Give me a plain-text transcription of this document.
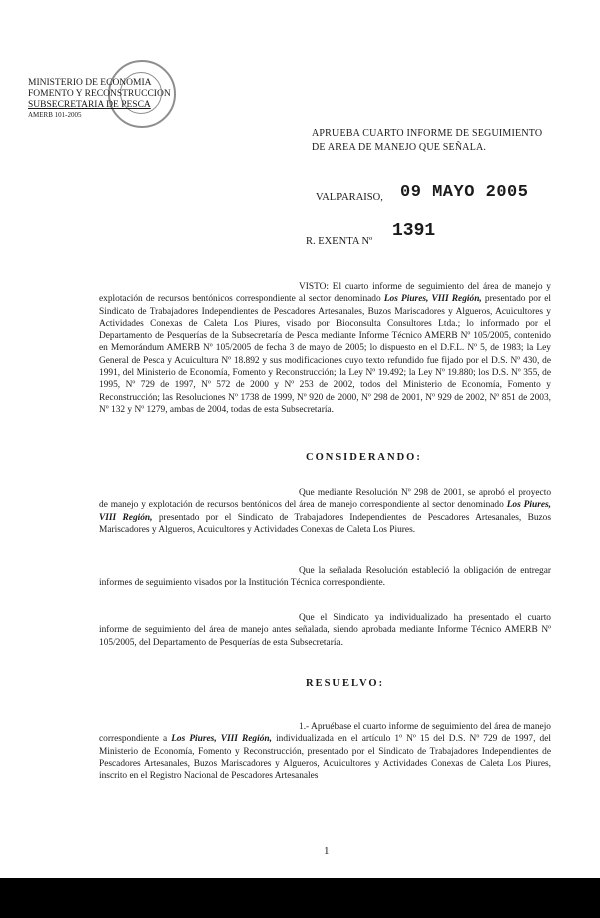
MINISTERIO DE ECONOMIA
FOMENTO Y RECONSTRUCCION
SUBSECRETARIA DE PESCA
AMERB 101-2005
APRUEBA CUARTO INFORME DE SEGUIMIENTO
DE AREA DE MANEJO QUE SEÑALA.
VALPARAISO, 09 MAYO 2005
R. EXENTA Nº
1391
VISTO: El cuarto informe de seguimiento del área de manejo y explotación de recursos bentónicos correspondiente al sector denominado Los Piures, VIII Región, presentado por el Sindicato de Trabajadores Independientes de Pescadores Artesanales, Buzos Mariscadores y Algueros, Acuicultores y Actividades Conexas de Caleta Los Piures, visado por Bioconsulta Consultores Ltda.; lo informado por el Departamento de Pesquerías de la Subsecretaría de Pesca mediante Informe Técnico AMERB Nº 105/2005, contenido en Memorándum AMERB Nº 105/2005 de fecha 3 de mayo de 2005; lo dispuesto en el D.F.L. Nº 5, de 1983; la Ley General de Pesca y Acuicultura Nº 18.892 y sus modificaciones cuyo texto refundido fue fijado por el D.S. Nº 430, de 1991, del Ministerio de Economía, Fomento y Reconstrucción; la Ley Nº 19.492; la Ley Nº 19.880; los D.S. Nº 355, de 1995, Nº 729 de 1997, Nº 572 de 2000 y Nº 253 de 2002, todos del Ministerio de Economía, Fomento y Reconstrucción; las Resoluciones Nº 1738 de 1999, Nº 920 de 2000, Nº 298 de 2001, Nº 929 de 2002, Nº 851 de 2003, Nº 132 y Nº 1279, ambas de 2004, todas de esta Subsecretaría.
CONSIDERANDO:
Que mediante Resolución Nº 298 de 2001, se aprobó el proyecto de manejo y explotación de recursos bentónicos del área de manejo correspondiente al sector denominado Los Piures, VIII Región, presentado por el Sindicato de Trabajadores Independientes de Pescadores Artesanales, Buzos Mariscadores y Algueros, Acuicultores y Actividades Conexas de Caleta Los Piures.
Que la señalada Resolución estableció la obligación de entregar informes de seguimiento visados por la Institución Técnica correspondiente.
Que el Sindicato ya individualizado ha presentado el cuarto informe de seguimiento del área de manejo antes señalada, siendo aprobada mediante Informe Técnico AMERB Nº 105/2005, del Departamento de Pesquerías de esta Subsecretaría.
RESUELVO:
1.- Apruébase el cuarto informe de seguimiento del área de manejo correspondiente a Los Piures, VIII Región, individualizada en el artículo 1º Nº 15 del D.S. Nº 729 de 1997, del Ministerio de Economía, Fomento y Reconstrucción, presentado por el Sindicato de Trabajadores Independientes de Pescadores Artesanales, Buzos Mariscadores y Algueros, Acuicultores y Actividades Conexas de Caleta Los Piures, inscrito en el Registro Nacional de Pescadores Artesanales
1
